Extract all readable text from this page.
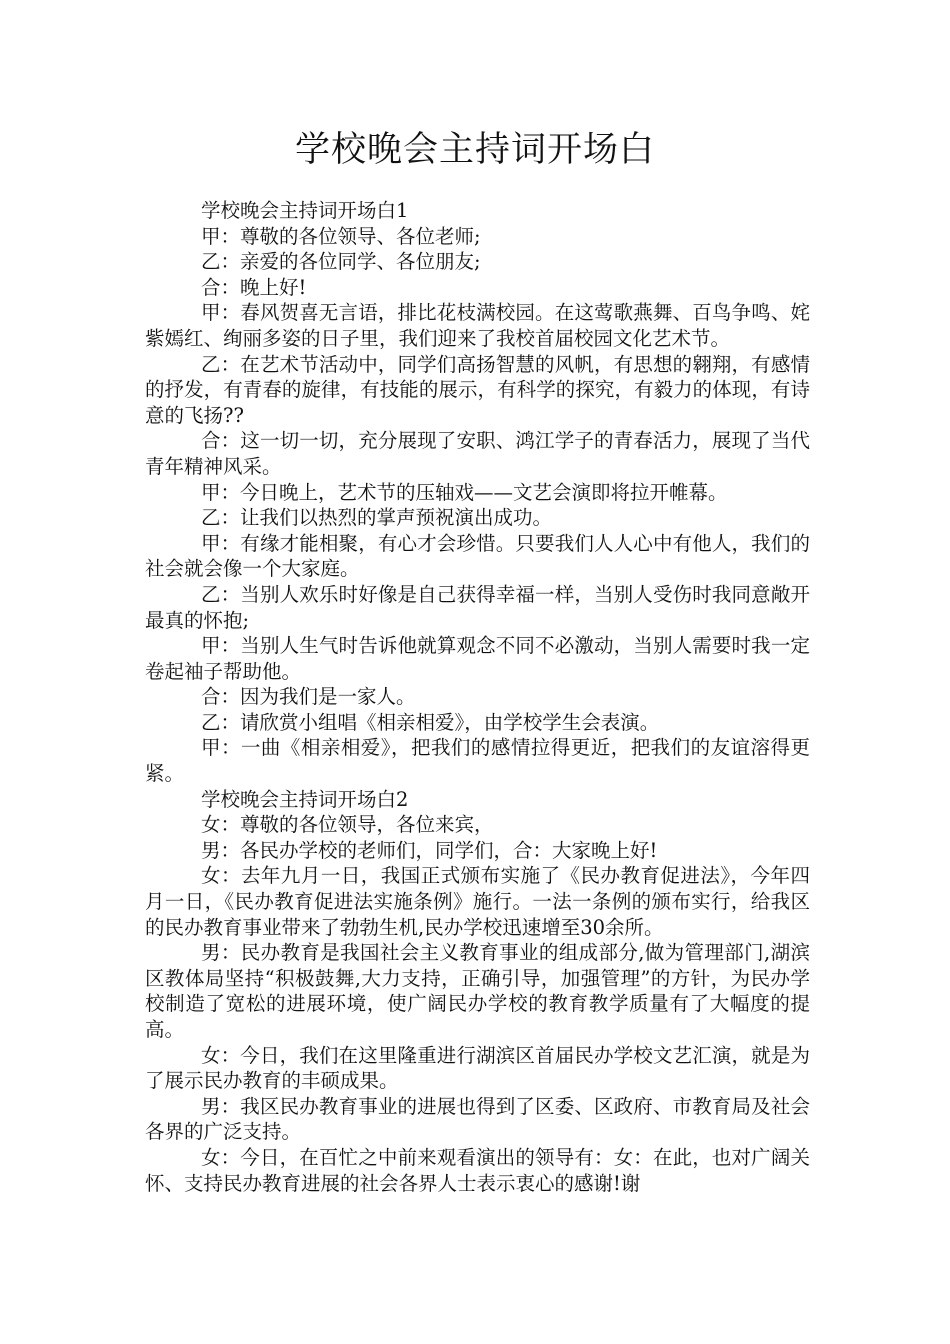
学校晚会主持词开场白

学校晚会主持词开场白1

甲：尊敬的各位领导、各位老师;

乙：亲爱的各位同学、各位朋友;

合：晚上好!

甲：春风贺喜无言语，排比花枝满校园。在这莺歌燕舞、百鸟争鸣、姹紫嫣红、绚丽多姿的日子里，我们迎来了我校首届校园文化艺术节。

乙：在艺术节活动中，同学们高扬智慧的风帆，有思想的翱翔，有感情的抒发，有青春的旋律，有技能的展示，有科学的探究，有毅力的体现，有诗意的飞扬??

合：这一切一切，充分展现了安职、鸿江学子的青春活力，展现了当代青年精神风采。

甲：今日晚上，艺术节的压轴戏——文艺会演即将拉开帷幕。

乙：让我们以热烈的掌声预祝演出成功。

甲：有缘才能相聚，有心才会珍惜。只要我们人人心中有他人，我们的社会就会像一个大家庭。

乙：当别人欢乐时好像是自己获得幸福一样，当别人受伤时我同意敞开最真的怀抱;

甲：当别人生气时告诉他就算观念不同不必激动，当别人需要时我一定卷起袖子帮助他。

合：因为我们是一家人。

乙：请欣赏小组唱《相亲相爱》，由学校学生会表演。

甲：一曲《相亲相爱》，把我们的感情拉得更近，把我们的友谊溶得更紧。

学校晚会主持词开场白2

女：尊敬的各位领导，各位来宾，

男：各民办学校的老师们，同学们，合：大家晚上好!

女：去年九月一日，我国正式颁布实施了《民办教育促进法》，今年四月一日，《民办教育促进法实施条例》施行。一法一条例的颁布实行，给我区的民办教育事业带来了勃勃生机,民办学校迅速增至30余所。

男：民办教育是我国社会主义教育事业的组成部分,做为管理部门,湖滨区教体局坚持“积极鼓舞,大力支持，正确引导，加强管理”的方针，为民办学校制造了宽松的进展环境，使广阔民办学校的教育教学质量有了大幅度的提高。

女：今日，我们在这里隆重进行湖滨区首届民办学校文艺汇演，就是为了展示民办教育的丰硕成果。

男：我区民办教育事业的进展也得到了区委、区政府、市教育局及社会各界的广泛支持。

女：今日，在百忙之中前来观看演出的领导有：女：在此，也对广阔关怀、支持民办教育进展的社会各界人士表示衷心的感谢!谢
